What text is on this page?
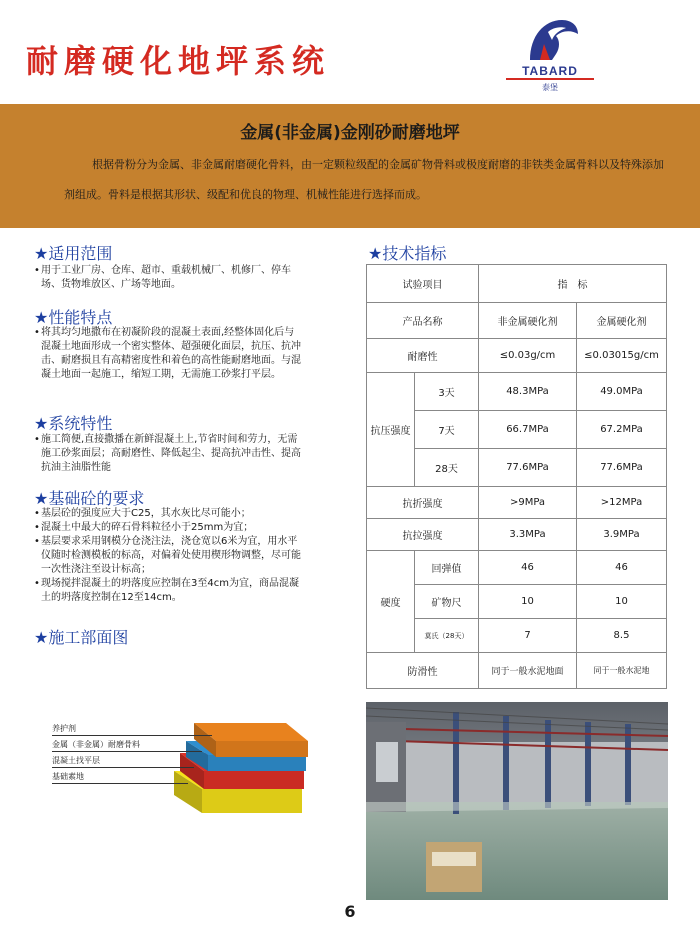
耐磨硬化地坪系统	TABARD
泰堡
金属(非金属)金刚砂耐磨地坪
根据骨粉分为金属、非金属耐磨硬化骨料，由一定颗粒级配的金属矿物骨料或极度耐磨的非铁类金属骨料以及特殊添加剂组成。骨料是根据其形状、级配和优良的物理、机械性能进行选择而成。
★适用范围
• 用于工业厂房、仓库、超市、重载机械厂、机修厂、停车场、货物堆放区、广场等地面。
★性能特点
• 将其均匀地撒布在初凝阶段的混凝土表面,经整体固化后与混凝土地面形成一个密实整体、超强硬化面层，抗压、抗冲击、耐磨损且有高精密度性和着色的高性能耐磨地面。与混凝土地面一起施工，缩短工期，无需施工砂浆打平层。
★系统特性
• 施工简便,直接撒播在新鲜混凝土上,节省时间和劳力，无需施工砂浆面层；高耐磨性、降低起尘、提高抗冲击性、提高抗油主油脂性能
★基础砼的要求
• 基层砼的强度应大于C25，其水灰比尽可能小；
• 混凝土中最大的碎石骨料粒径小于25mm为宜；
• 基层要求采用钢模分仓浇注法，浇仓宽以6米为宜，用水平仪随时检测模板的标高，对偏着处使用楔形物调整，尽可能一次性浇注至设计标高；
• 现场搅拌混凝土的坍落度应控制在3至4cm为宜，商品混凝土的坍落度控制在12至14cm。
★施工部面图
养护剂
金属（非金属）耐磨骨料
混凝土找平层
基础素地
★技术指标
试验项目		指　标	
产品名称		非金属硬化剂	金属硬化剂
耐磨性		≤0.03g/cm	≤0.03015g/cm
抗压强度	3天	48.3MPa	49.0MPa
	7天	66.7MPa	67.2MPa
	28天	77.6MPa	77.6MPa
抗折强度		>9MPa	>12MPa
抗拉强度		3.3MPa	3.9MPa
硬度	回弹值	46	46
	矿物尺	10	10
	莫氏（28天）	7	8.5
防滑性		同于一般水泥地面	同于一般水泥地
6
